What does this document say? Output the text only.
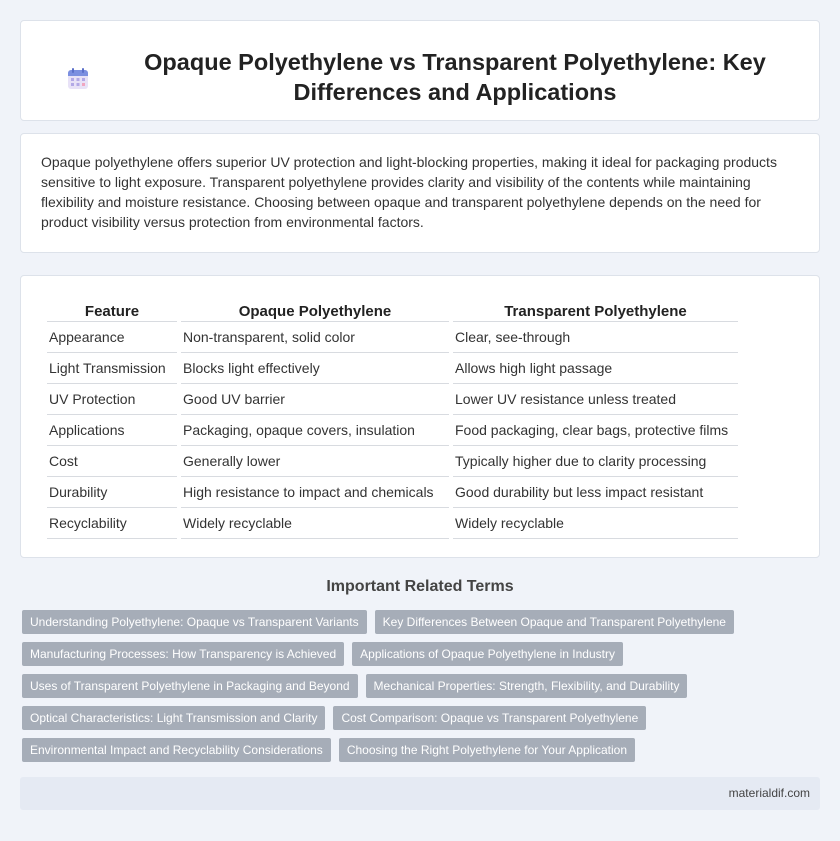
Opaque Polyethylene vs Transparent Polyethylene: Key Differences and Applications

Opaque polyethylene offers superior UV protection and light-blocking properties, making it ideal for packaging products sensitive to light exposure. Transparent polyethylene provides clarity and visibility of the contents while maintaining flexibility and moisture resistance. Choosing between opaque and transparent polyethylene depends on the need for product visibility versus protection from environmental factors.

Feature	Opaque Polyethylene	Transparent Polyethylene
Appearance	Non-transparent, solid color	Clear, see-through
Light Transmission	Blocks light effectively	Allows high light passage
UV Protection	Good UV barrier	Lower UV resistance unless treated
Applications	Packaging, opaque covers, insulation	Food packaging, clear bags, protective films
Cost	Generally lower	Typically higher due to clarity processing
Durability	High resistance to impact and chemicals	Good durability but less impact resistant
Recyclability	Widely recyclable	Widely recyclable
Important Related Terms
Understanding Polyethylene: Opaque vs Transparent Variants	Key Differences Between Opaque and Transparent Polyethylene
Manufacturing Processes: How Transparency is Achieved	Applications of Opaque Polyethylene in Industry
Uses of Transparent Polyethylene in Packaging and Beyond	Mechanical Properties: Strength, Flexibility, and Durability
Optical Characteristics: Light Transmission and Clarity	Cost Comparison: Opaque vs Transparent Polyethylene
Environmental Impact and Recyclability Considerations	Choosing the Right Polyethylene for Your Application
materialdif.com
